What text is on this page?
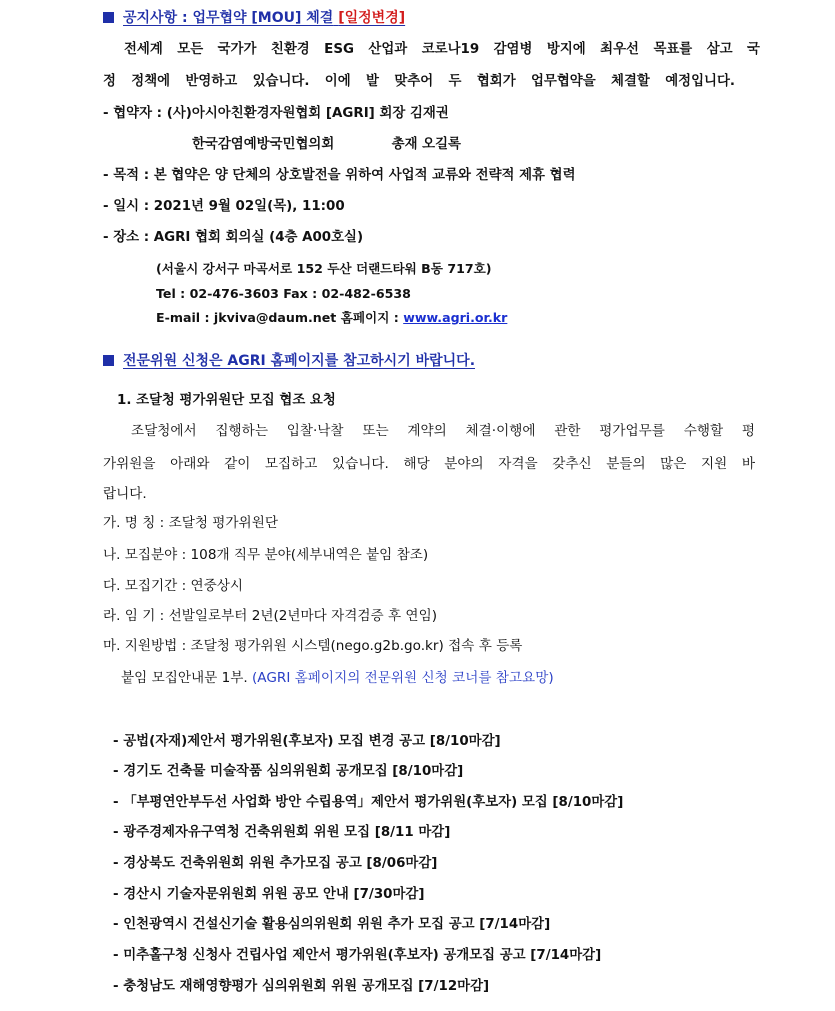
공지사항 : 업무협약 [MOU] 체결 [일정변경]
전세계 모든 국가가 친환경 ESG 산업과 코로나19 감염병 방지에 최우선 목표를 삼고 국
정 정책에 반영하고 있습니다. 이에 발 맞추어 두 협회가 업무협약을 체결할 예정입니다.
- 협약자 : (사)아시아친환경자원협회 [AGRI] 회장 김재권
한국감염예방국민협의회	총재 오길록
- 목적 : 본 협약은 양 단체의 상호발전을 위하여 사업적 교류와 전략적 제휴 협력
- 일시 : 2021년 9월 02일(목), 11:00
- 장소 : AGRI 협회 회의실 (4층 A00호실)
(서울시 강서구 마곡서로 152 두산 더랜드타워 B동 717호)
Tel : 02-476-3603 Fax : 02-482-6538
E-mail : jkviva@daum.net 홈페이지 : www.agri.or.kr
전문위원 신청은 AGRI 홈페이지를 참고하시기 바랍니다.
1. 조달청 평가위원단 모집 협조 요청
조달청에서 집행하는 입찰·낙찰 또는 계약의 체결·이행에 관한 평가업무를 수행할 평
가위원을 아래와 같이 모집하고 있습니다. 해당 분야의 자격을 갖추신 분들의 많은 지원 바
랍니다.
가. 명 칭 : 조달청 평가위원단
나. 모집분야 : 108개 직무 분야(세부내역은 붙임 참조)
다. 모집기간 : 연중상시
라. 임 기 : 선발일로부터 2년(2년마다 자격검증 후 연임)
마. 지원방법 : 조달청 평가위원 시스템(nego.g2b.go.kr) 접속 후 등록
붙임 모집안내문 1부. (AGRI 홈페이지의 전문위원 신청 코너를 참고요망)
- 공법(자재)제안서 평가위원(후보자) 모집 변경 공고 [8/10마감]
- 경기도 건축물 미술작품 심의위원회 공개모집 [8/10마감]
- 「부평연안부두선 사업화 방안 수립용역」제안서 평가위원(후보자) 모집 [8/10마감]
- 광주경제자유구역청 건축위원회 위원 모집 [8/11 마감]
- 경상북도 건축위원회 위원 추가모집 공고 [8/06마감]
- 경산시 기술자문위원회 위원 공모 안내 [7/30마감]
- 인천광역시 건설신기술 활용심의위원회 위원 추가 모집 공고 [7/14마감]
- 미추홀구청 신청사 건립사업 제안서 평가위원(후보자) 공개모집 공고 [7/14마감]
- 충청남도 재해영향평가 심의위원회 위원 공개모집 [7/12마감]
